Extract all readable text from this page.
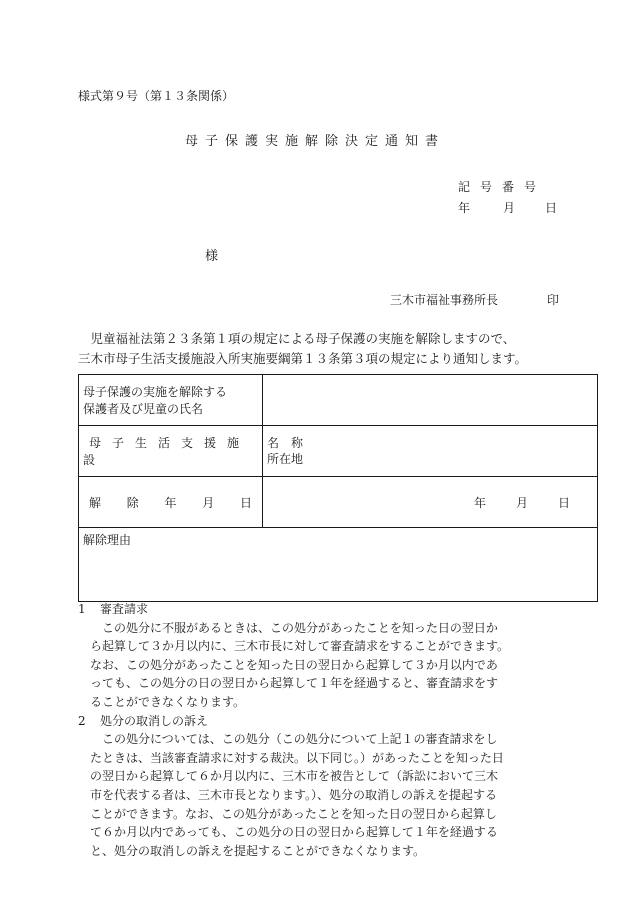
様式第９号（第１３条関係）
母子保護実施解除決定通知書
記号番号
年	月 日
様
三木市福祉事務所長	印
　児童福祉法第２３条第１項の規定による母子保護の実施を解除しますので、
三木市母子生活支援施設入所実施要綱第１３条第３項の規定により通知します。
母子保護の実施を解除する
保護者及び児童の氏名	

母子生活支援施設	名　称
所在地

解 除 年 月 日	年 月 日

解除理由	
1 審査請求
　この処分に不服があるときは、この処分があったことを知った日の翌日か
ら起算して３か月以内に、三木市長に対して審査請求をすることができます。
なお、この処分があったことを知った日の翌日から起算して３か月以内であ
っても、この処分の日の翌日から起算して１年を経過すると、審査請求をす
ることができなくなります。
2 処分の取消しの訴え
　この処分については、この処分（この処分について上記１の審査請求をし
たときは、当該審査請求に対する裁決。以下同じ。）があったことを知った日
の翌日から起算して６か月以内に、三木市を被告として（訴訟において三木
市を代表する者は、三木市長となります。）、処分の取消しの訴えを提起する
ことができます。なお、この処分があったことを知った日の翌日から起算し
て６か月以内であっても、この処分の日の翌日から起算して１年を経過する
と、処分の取消しの訴えを提起することができなくなります。
